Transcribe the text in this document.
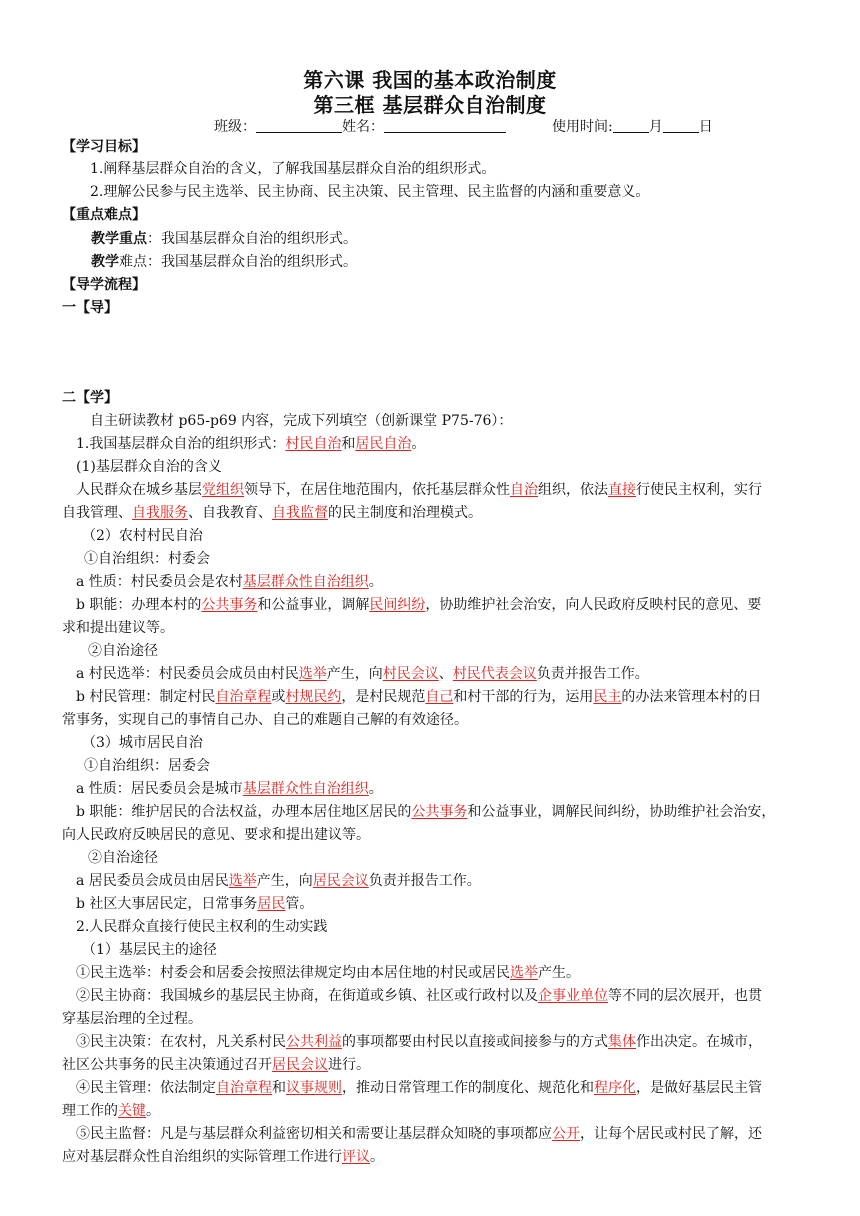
第六课 我国的基本政治制度
第三框 基层群众自治制度
班级：	姓名：	使用时间:	月	日
【学习目标】
1.阐释基层群众自治的含义，了解我国基层群众自治的组织形式。
2.理解公民参与民主选举、民主协商、民主决策、民主管理、民主监督的内涵和重要意义。
【重点难点】
教学重点：我国基层群众自治的组织形式。
教学难点：我国基层群众自治的组织形式。
【导学流程】
一【导】
二【学】
自主研读教材 p65-p69 内容，完成下列填空（创新课堂 P75-76）：
1.我国基层群众自治的组织形式：村民自治和居民自治。
(1)基层群众自治的含义
人民群众在城乡基层党组织领导下，在居住地范围内，依托基层群众性自治组织，依法直接行使民主权利，实行
自我管理、自我服务、自我教育、自我监督的民主制度和治理模式。
（2）农村村民自治
①自治组织：村委会
a 性质：村民委员会是农村基层群众性自治组织。
b 职能：办理本村的公共事务和公益事业，调解民间纠纷，协助维护社会治安，向人民政府反映村民的意见、要
求和提出建议等。
②自治途径
a 村民选举：村民委员会成员由村民选举产生，向村民会议、村民代表会议负责并报告工作。
b 村民管理：制定村民自治章程或村规民约，是村民规范自己和村干部的行为，运用民主的办法来管理本村的日
常事务，实现自己的事情自己办、自己的难题自己解的有效途径。
（3）城市居民自治
①自治组织：居委会
a 性质：居民委员会是城市基层群众性自治组织。
b 职能：维护居民的合法权益，办理本居住地区居民的公共事务和公益事业，调解民间纠纷，协助维护社会治安，
向人民政府反映居民的意见、要求和提出建议等。
②自治途径
a 居民委员会成员由居民选举产生，向居民会议负责并报告工作。
b 社区大事居民定，日常事务居民管。
2.人民群众直接行使民主权利的生动实践
（1）基层民主的途径
①民主选举：村委会和居委会按照法律规定均由本居住地的村民或居民选举产生。
②民主协商：我国城乡的基层民主协商，在街道或乡镇、社区或行政村以及企事业单位等不同的层次展开，也贯
穿基层治理的全过程。
③民主决策：在农村，凡关系村民公共利益的事项都要由村民以直接或间接参与的方式集体作出决定。在城市，
社区公共事务的民主决策通过召开居民会议进行。
④民主管理：依法制定自治章程和议事规则，推动日常管理工作的制度化、规范化和程序化，是做好基层民主管
理工作的关键。
⑤民主监督：凡是与基层群众利益密切相关和需要让基层群众知晓的事项都应公开，让每个居民或村民了解，还
应对基层群众性自治组织的实际管理工作进行评议。
